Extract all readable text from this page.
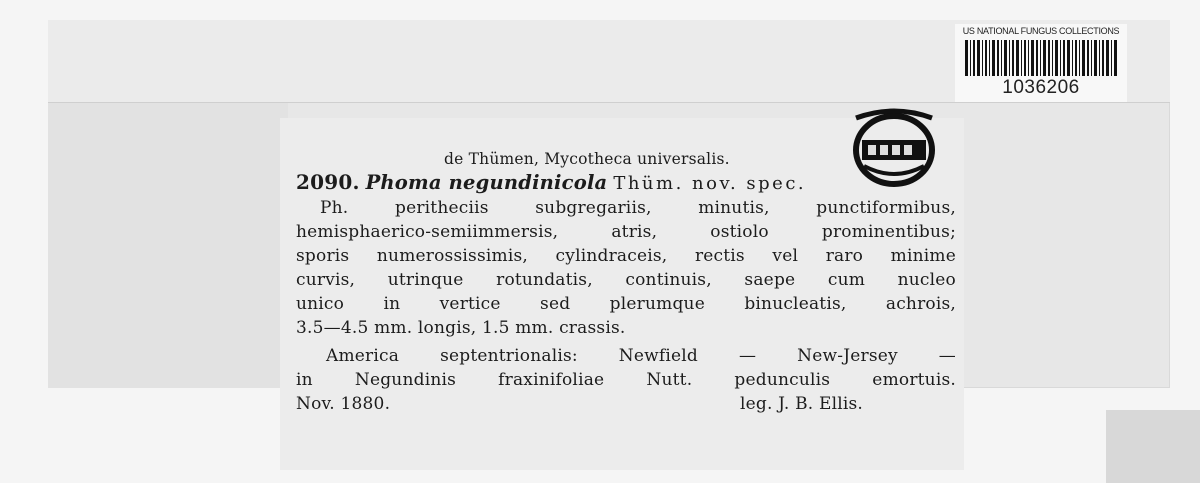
US NATIONAL FUNGUS COLLECTIONS
1036206
de Thümen, Mycotheca universalis.
2090. Phoma negundinicola Thüm. nov. spec.
Ph. peritheciis subgregariis, minutis, punctiformibus,
hemisphaerico-semiimmersis, atris, ostiolo prominentibus;
sporis numerossissimis, cylindraceis, rectis vel raro minime
curvis, utrinque rotundatis, continuis, saepe cum nucleo
unico in vertice sed plerumque binucleatis, achrois,
3.5—4.5 mm. longis, 1.5 mm. crassis.
America septentrionalis: Newfield — New-Jersey —
in Negundinis fraxinifoliae Nutt. pedunculis emortuis.
Nov. 1880.	leg. J. B. Ellis.
